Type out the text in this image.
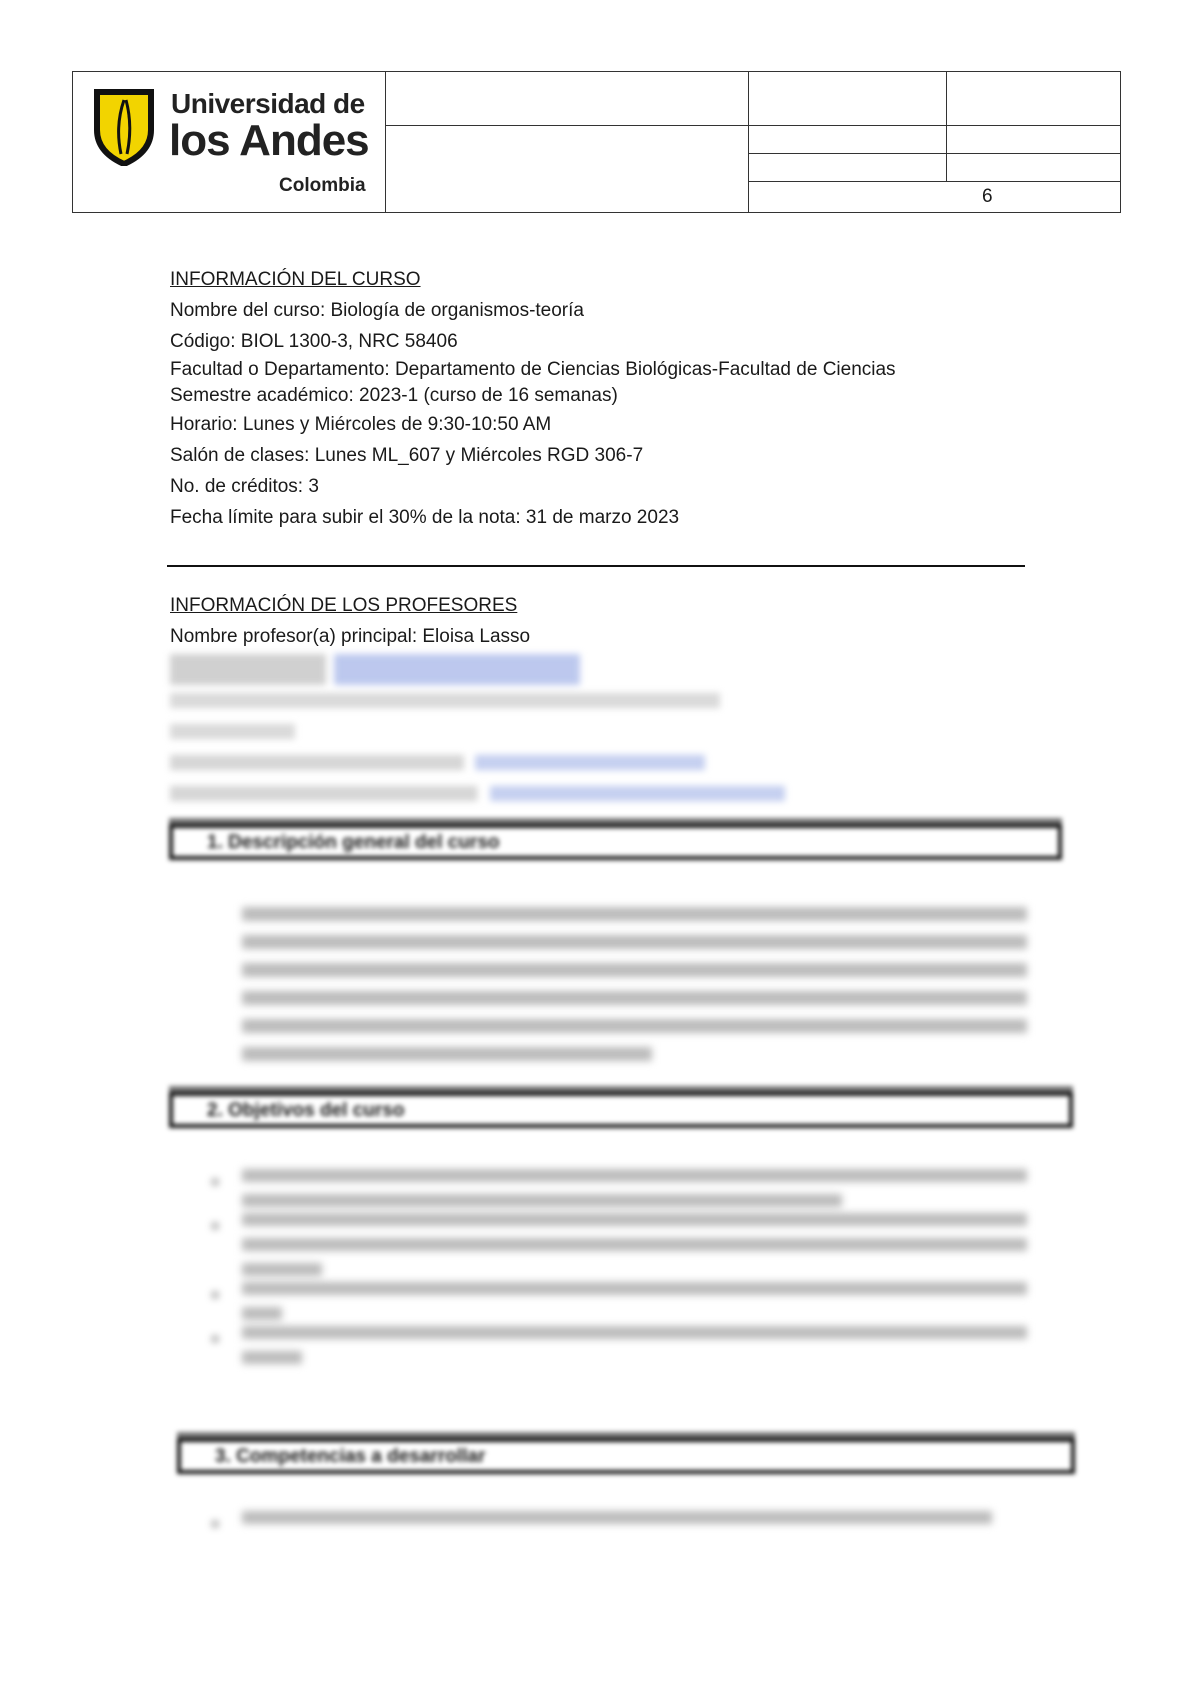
Universidad de
los Andes
Colombia
6
INFORMACIÓN DEL CURSO
Nombre del curso: Biología de organismos-teoría
Código: BIOL 1300-3, NRC 58406
Facultad o Departamento: Departamento de Ciencias Biológicas-Facultad de Ciencias
Semestre académico: 2023-1 (curso de 16 semanas)
Horario: Lunes y Miércoles de 9:30-10:50 AM
Salón de clases: Lunes ML_607 y Miércoles RGD 306-7
No. de créditos: 3
Fecha límite para subir el 30% de la nota: 31 de marzo 2023
INFORMACIÓN DE LOS PROFESORES
Nombre profesor(a) principal: Eloisa Lasso
1. Descripción general del curso
2. Objetivos del curso
•
•
•
•
3. Competencias a desarrollar
•
